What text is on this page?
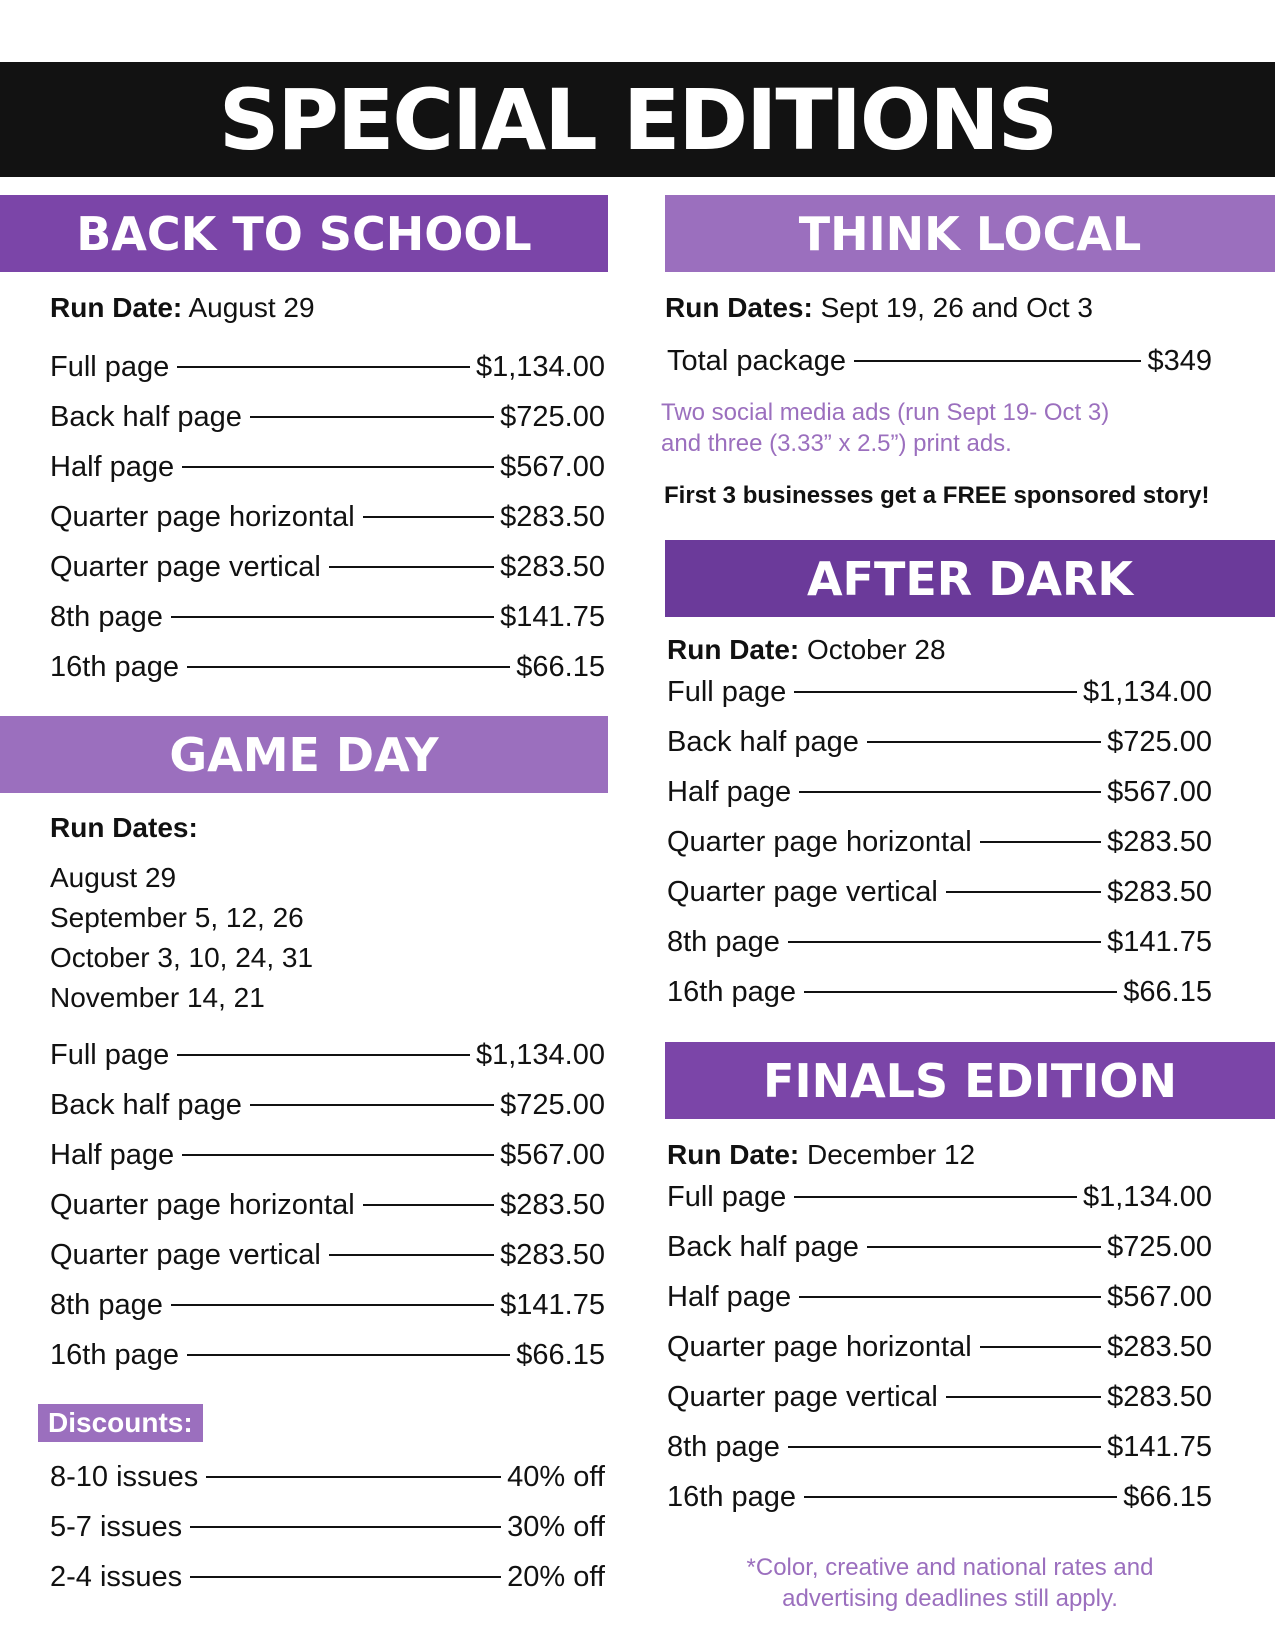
SPECIAL EDITIONS
BACK TO SCHOOL
Run Date: August 29
Full page	$1,134.00
Back half page	$725.00
Half page	$567.00
Quarter page horizontal	$283.50
Quarter page vertical	$283.50
8th page	$141.75
16th page	$66.15
GAME DAY
Run Dates:
August 29
September 5, 12, 26
October 3, 10, 24, 31
November 14, 21
Full page	$1,134.00
Back half page	$725.00
Half page	$567.00
Quarter page horizontal	$283.50
Quarter page vertical	$283.50
8th page	$141.75
16th page	$66.15
Discounts:
8-10 issues	40% off
5-7 issues	30% off
2-4 issues	20% off
THINK LOCAL
Run Dates: Sept 19, 26 and Oct 3
Total package	$349
Two social media ads (run Sept 19- Oct 3)
and three (3.33” x 2.5”) print ads.
First 3 businesses get a FREE sponsored story!
AFTER DARK
Run Date: October 28
Full page	$1,134.00
Back half page	$725.00
Half page	$567.00
Quarter page horizontal	$283.50
Quarter page vertical	$283.50
8th page	$141.75
16th page	$66.15
FINALS EDITION
Run Date: December 12
Full page	$1,134.00
Back half page	$725.00
Half page	$567.00
Quarter page horizontal	$283.50
Quarter page vertical	$283.50
8th page	$141.75
16th page	$66.15
*Color, creative and national rates and
advertising deadlines still apply.
